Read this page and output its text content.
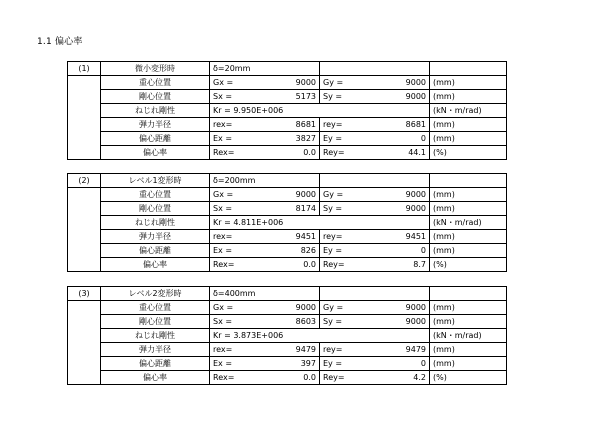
1.1 偏心率
(1)	微小変形時	δ=20mm		
	重心位置	Gx = 9000	Gy = 9000	(mm)
	剛心位置	Sx = 5173	Sy = 9000	(mm)
	ねじれ剛性	Kr = 9.950E+006		(kN・m/rad)
	弾力半径	rex= 8681	rey= 8681	(mm)
	偏心距離	Ex = 3827	Ey = 0	(mm)
	偏心率	Rex= 0.0	Rey= 44.1	(%)
(2)	レベル1変形時	δ=200mm		
	重心位置	Gx = 9000	Gy = 9000	(mm)
	剛心位置	Sx = 8174	Sy = 9000	(mm)
	ねじれ剛性	Kr = 4.811E+006		(kN・m/rad)
	弾力半径	rex= 9451	rey= 9451	(mm)
	偏心距離	Ex = 826	Ey = 0	(mm)
	偏心率	Rex= 0.0	Rey= 8.7	(%)
(3)	レベル2変形時	δ=400mm		
	重心位置	Gx = 9000	Gy = 9000	(mm)
	剛心位置	Sx = 8603	Sy = 9000	(mm)
	ねじれ剛性	Kr = 3.873E+006		(kN・m/rad)
	弾力半径	rex= 9479	rey= 9479	(mm)
	偏心距離	Ex = 397	Ey = 0	(mm)
	偏心率	Rex= 0.0	Rey= 4.2	(%)
